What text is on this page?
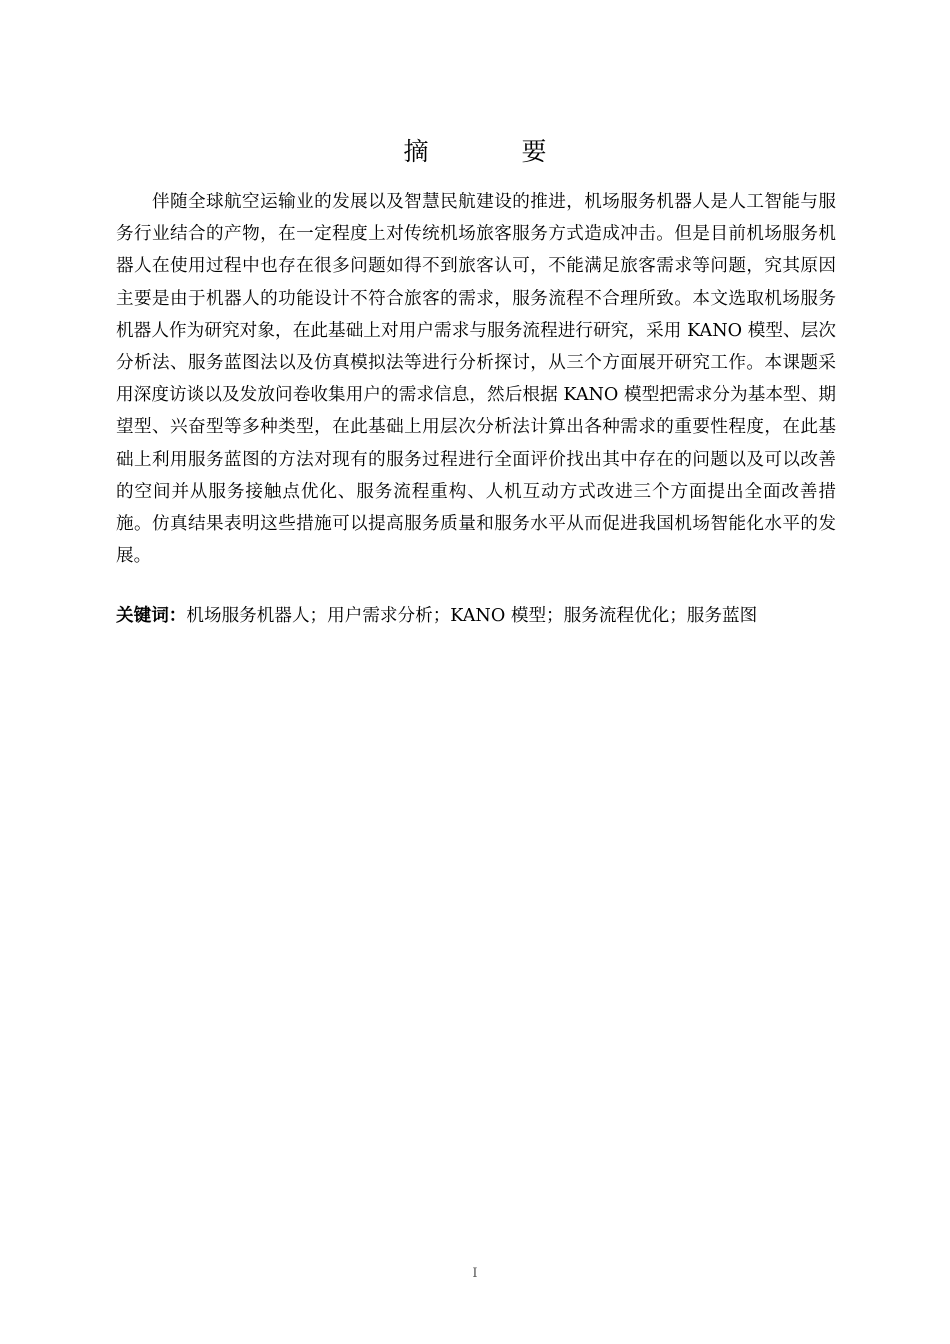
摘　要

伴随全球航空运输业的发展以及智慧民航建设的推进，机场服务机器人是人工智能与服务行业结合的产物，在一定程度上对传统机场旅客服务方式造成冲击。但是目前机场服务机器人在使用过程中也存在很多问题如得不到旅客认可，不能满足旅客需求等问题，究其原因主要是由于机器人的功能设计不符合旅客的需求，服务流程不合理所致。本文选取机场服务机器人作为研究对象，在此基础上对用户需求与服务流程进行研究，采用 KANO 模型、层次分析法、服务蓝图法以及仿真模拟法等进行分析探讨，从三个方面展开研究工作。本课题采用深度访谈以及发放问卷收集用户的需求信息，然后根据 KANO 模型把需求分为基本型、期望型、兴奋型等多种类型，在此基础上用层次分析法计算出各种需求的重要性程度，在此基础上利用服务蓝图的方法对现有的服务过程进行全面评价找出其中存在的问题以及可以改善的空间并从服务接触点优化、服务流程重构、人机互动方式改进三个方面提出全面改善措施。仿真结果表明这些措施可以提高服务质量和服务水平从而促进我国机场智能化水平的发展。

关键词：机场服务机器人；用户需求分析；KANO 模型；服务流程优化；服务蓝图

I
